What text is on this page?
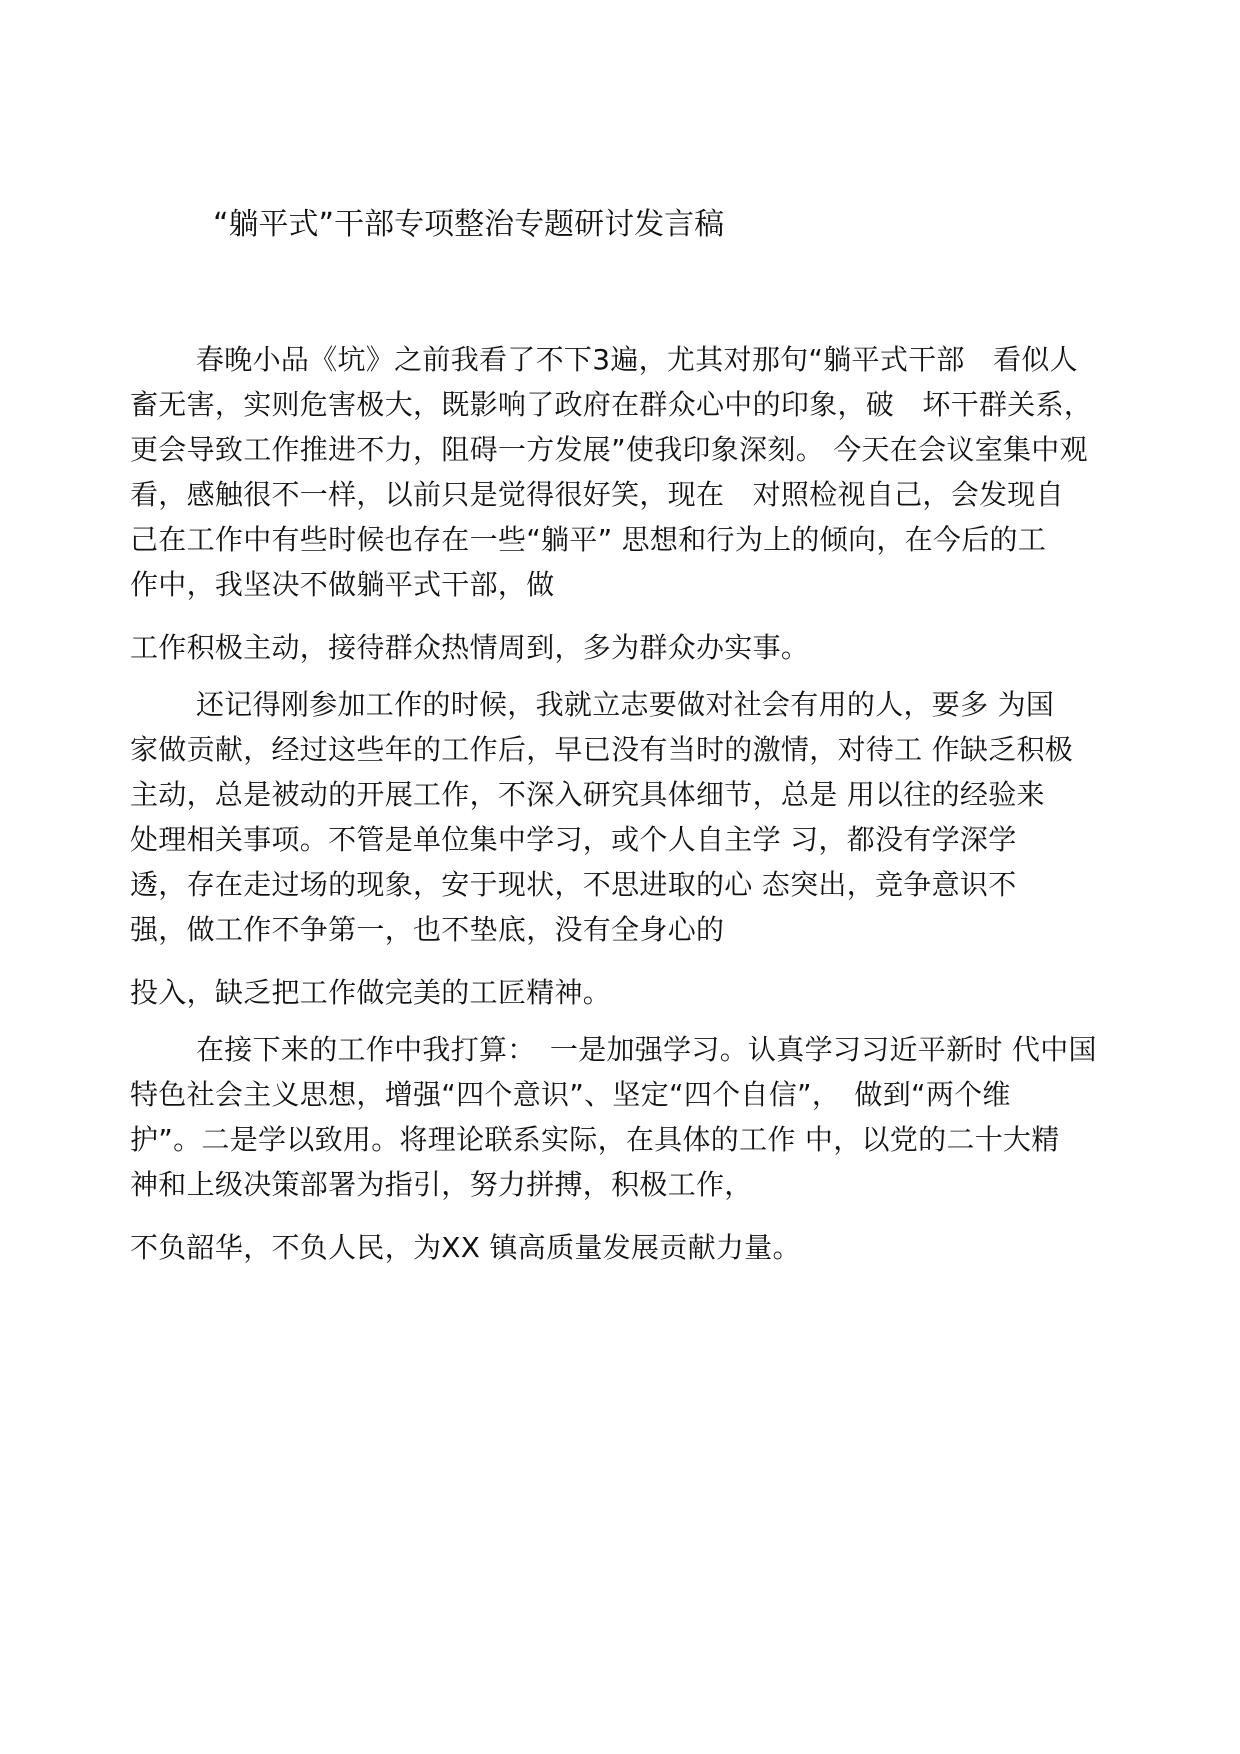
“躺平式”干部专项整治专题研讨发言稿
春晚小品《坑》之前我看了不下3遍，尤其对那句“躺平式干部　看似人
畜无害，实则危害极大，既影响了政府在群众心中的印象，破　坏干群关系，
更会导致工作推进不力，阻碍一方发展”使我印象深刻。 今天在会议室集中观
看，感触很不一样，以前只是觉得很好笑，现在　对照检视自己，会发现自
己在工作中有些时候也存在一些“躺平” 思想和行为上的倾向，在今后的工
作中，我坚决不做躺平式干部，做
工作积极主动，接待群众热情周到，多为群众办实事。
还记得刚参加工作的时候，我就立志要做对社会有用的人，要多 为国
家做贡献，经过这些年的工作后，早已没有当时的激情，对待工 作缺乏积极
主动，总是被动的开展工作，不深入研究具体细节，总是 用以往的经验来
处理相关事项。不管是单位集中学习，或个人自主学 习，都没有学深学
透，存在走过场的现象，安于现状，不思进取的心 态突出，竞争意识不
强，做工作不争第一，也不垫底，没有全身心的
投入，缺乏把工作做完美的工匠精神。
在接下来的工作中我打算：　一是加强学习。认真学习习近平新时 代中国
特色社会主义思想，增强“四个意识”、坚定“四个自信”，　做到“两个维
护”。二是学以致用。将理论联系实际，在具体的工作 中，以党的二十大精
神和上级决策部署为指引，努力拼搏，积极工作，
不负韶华，不负人民，为XX 镇高质量发展贡献力量。
